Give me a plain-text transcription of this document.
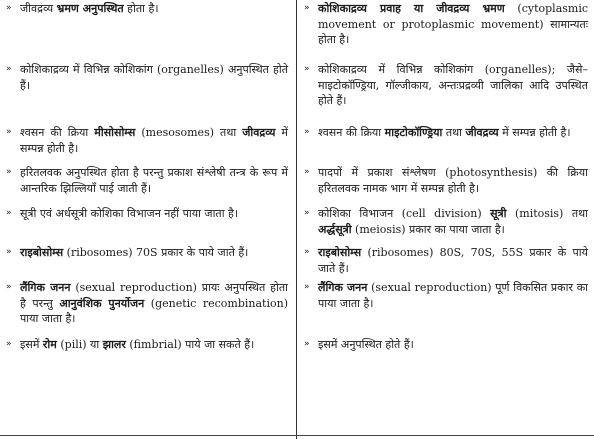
» जीवद्रव्य भ्रमण अनुपस्थित होता है।	» कोशिकाद्रव्य प्रवाह या जीवद्रव्य भ्रमण (cytoplasmic movement or protoplasmic movement) सामान्यतः होता है।

» कोशिकाद्रव्य में विभिन्न कोशिकांग (organelles) अनुपस्थित होते हैं।	» कोशिकाद्रव्य में विभिन्न कोशिकांग (organelles); जैसे–माइटोकॉण्ड्रिया, गॉल्जीकाय, अन्तःप्रद्रव्यी जालिका आदि उपस्थित होते हैं।

» श्वसन की क्रिया मीसोसोम्स (mesosomes) तथा जीवद्रव्य में सम्पन्न होती है।	» श्वसन की क्रिया माइटोकॉण्ड्रिया तथा जीवद्रव्य में सम्पन्न होती है।

» हरितलवक अनुपस्थित होता है परन्तु प्रकाश संश्लेषी तन्त्र के रूप में आन्तरिक झिल्लियाँ पाई जाती हैं।	» पादपों में प्रकाश संश्लेषण (photosynthesis) की क्रिया हरितलवक नामक भाग में सम्पन्न होती है।

» सूत्री एवं अर्धसूत्री कोशिका विभाजन नहीं पाया जाता है।	» कोशिका विभाजन (cell division) सूत्री (mitosis) तथा अर्द्धसूत्री (meiosis) प्रकार का पाया जाता है।

» राइबोसोम्स (ribosomes) 70S प्रकार के पाये जाते हैं।	» राइबोसोम्स (ribosomes) 80S, 70S, 55S प्रकार के पाये जाते हैं।

» लैंगिक जनन (sexual reproduction) प्रायः अनुपस्थित होता है परन्तु आनुवंशिक पुनर्योजन (genetic recombination) पाया जाता है।	» लैंगिक जनन (sexual reproduction) पूर्ण विकसित प्रकार का पाया जाता है।

» इसमें रोम (pili) या झालर (fimbrial) पाये जा सकते हैं।	» इसमें अनुपस्थित होते हैं।
